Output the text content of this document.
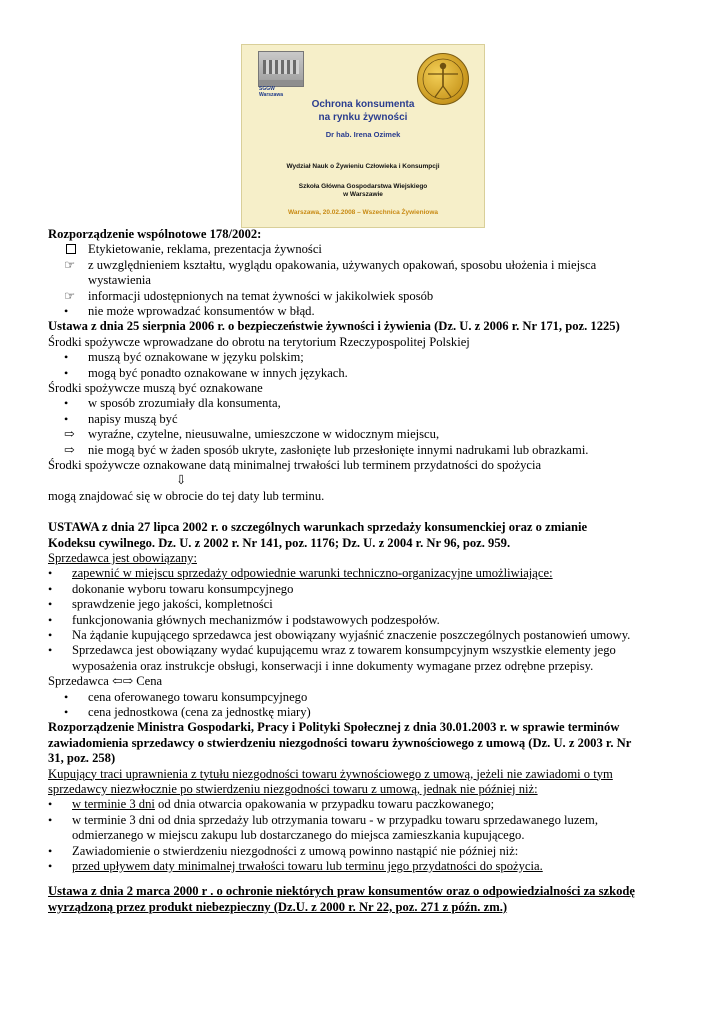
SGGW
Warszawa
Ochrona konsumenta
na rynku żywności
Dr hab. Irena Ozimek
Wydział Nauk o Żywieniu Człowieka i Konsumpcji
Szkoła Główna Gospodarstwa Wiejskiego
w Warszawie
Warszawa, 20.02.2008 – Wszechnica Żywieniowa
Rozporządzenie wspólnotowe 178/2002:
Etykietowanie, reklama, prezentacja żywności
☞	z uwzględnieniem kształtu, wyglądu opakowania, używanych opakowań, sposobu ułożenia i miejsca
wystawienia
☞	informacji udostępnionych na temat żywności w jakikolwiek sposób
•	nie może wprowadzać konsumentów w błąd.
Ustawa z dnia 25 sierpnia 2006 r. o bezpieczeństwie żywności i żywienia (Dz. U. z 2006 r. Nr 171, poz. 1225)
Środki spożywcze wprowadzane do obrotu na terytorium Rzeczypospolitej Polskiej
•	muszą być oznakowane w języku polskim;
•	mogą być ponadto oznakowane w innych językach.
Środki spożywcze muszą być oznakowane
•	w sposób zrozumiały dla konsumenta,
•	napisy muszą być
⇨	wyraźne, czytelne, nieusuwalne, umieszczone w widocznym miejscu,
⇨	nie mogą być w żaden sposób ukryte, zasłonięte lub przesłonięte innymi nadrukami lub obrazkami.
Środki spożywcze oznakowane datą minimalnej trwałości lub terminem przydatności do spożycia
⇩
mogą znajdować się w obrocie do tej daty lub terminu.
USTAWA z dnia 27 lipca 2002 r. o szczególnych warunkach sprzedaży konsumenckiej oraz o zmianie
Kodeksu cywilnego. Dz. U. z 2002 r. Nr 141, poz. 1176; Dz. U. z 2004 r. Nr 96, poz. 959.
Sprzedawca jest obowiązany:
•	zapewnić w miejscu sprzedaży odpowiednie warunki techniczno-organizacyjne umożliwiające:
•	dokonanie wyboru towaru konsumpcyjnego
•	sprawdzenie jego jakości, kompletności
•	funkcjonowania głównych mechanizmów i podstawowych podzespołów.
•	Na żądanie kupującego sprzedawca jest obowiązany wyjaśnić znaczenie poszczególnych postanowień umowy.
•	Sprzedawca jest obowiązany wydać kupującemu wraz z towarem konsumpcyjnym wszystkie elementy jego
wyposażenia oraz instrukcje obsługi, konserwacji i inne dokumenty wymagane przez odrębne przepisy.
Sprzedawca ⇦⇨ Cena
•	cena oferowanego towaru konsumpcyjnego
•	cena jednostkowa (cena za jednostkę miary)
Rozporządzenie Ministra Gospodarki, Pracy i Polityki Społecznej z dnia 30.01.2003 r. w sprawie terminów
zawiadomienia sprzedawcy o stwierdzeniu niezgodności towaru żywnościowego z umową (Dz. U. z 2003 r. Nr
31, poz. 258)
Kupujący traci uprawnienia z tytułu niezgodności towaru żywnościowego z umową, jeżeli nie zawiadomi o tym
sprzedawcy niezwłocznie po stwierdzeniu niezgodności towaru z umową, jednak nie później niż:
•	w terminie 3 dni od dnia otwarcia opakowania w przypadku towaru paczkowanego;
•	w terminie 3 dni od dnia sprzedaży lub otrzymania towaru - w przypadku towaru sprzedawanego luzem,
odmierzanego w miejscu zakupu lub dostarczanego do miejsca zamieszkania kupującego.
•	Zawiadomienie o stwierdzeniu niezgodności z umową powinno nastąpić nie później niż:
•	przed upływem daty minimalnej trwałości towaru lub terminu jego przydatności do spożycia.
Ustawa z dnia 2 marca 2000 r . o ochronie niektórych praw konsumentów oraz o odpowiedzialności za szkodę
wyrządzoną przez produkt niebezpieczny (Dz.U. z 2000 r. Nr 22, poz. 271 z późn. zm.)
